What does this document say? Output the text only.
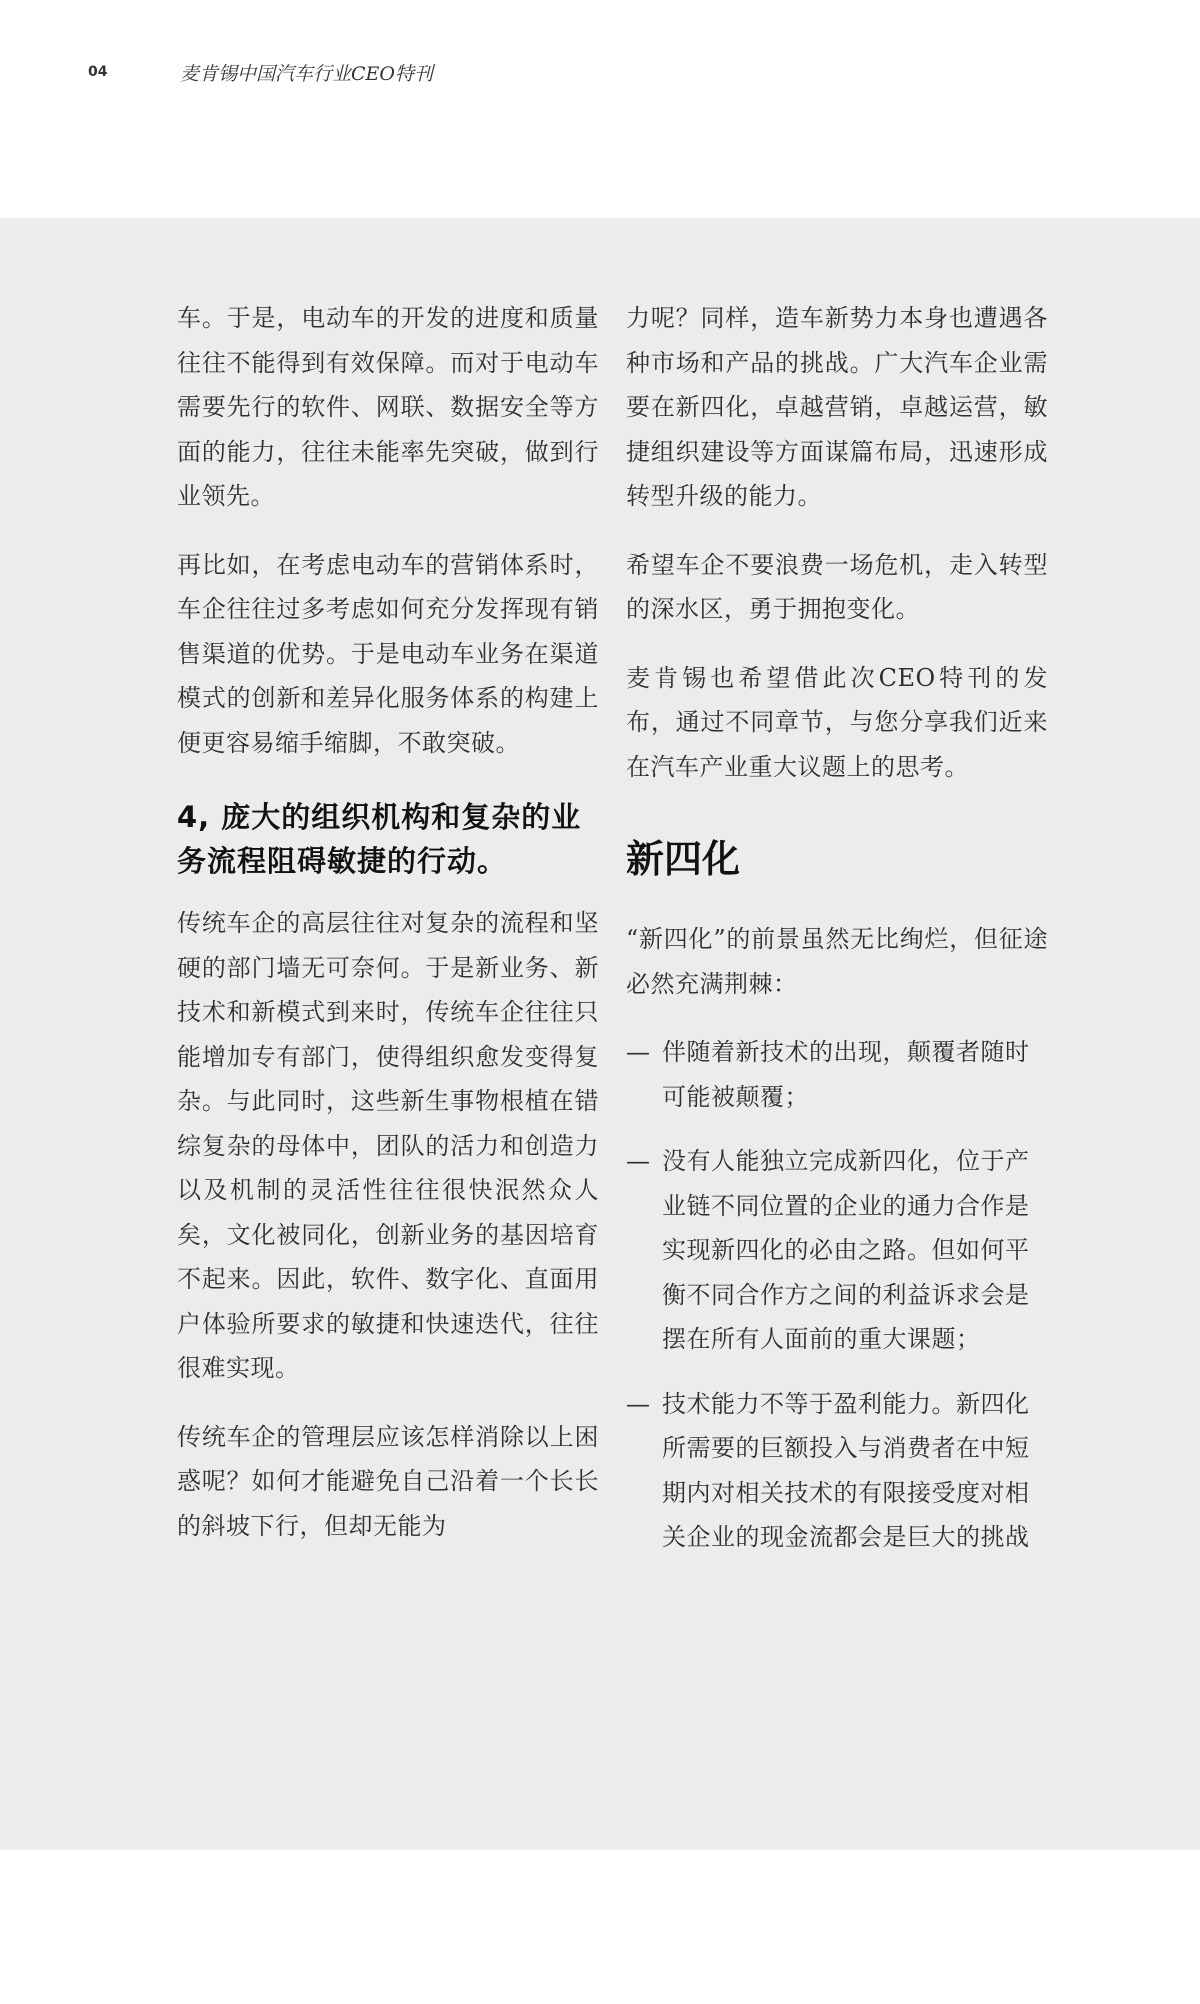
04	麦肯锡中国汽车行业CEO特刊

车。于是，电动车的开发的进度和质量往往不能得到有效保障。而对于电动车需要先行的软件、网联、数据安全等方面的能力，往往未能率先突破，做到行业领先。

再比如，在考虑电动车的营销体系时，车企往往过多考虑如何充分发挥现有销售渠道的优势。于是电动车业务在渠道模式的创新和差异化服务体系的构建上便更容易缩手缩脚，不敢突破。

4, 庞大的组织机构和复杂的业务流程阻碍敏捷的行动。

传统车企的高层往往对复杂的流程和坚硬的部门墙无可奈何。于是新业务、新技术和新模式到来时，传统车企往往只能增加专有部门，使得组织愈发变得复杂。与此同时，这些新生事物根植在错综复杂的母体中，团队的活力和创造力以及机制的灵活性往往很快泯然众人矣，文化被同化，创新业务的基因培育不起来。因此，软件、数字化、直面用户体验所要求的敏捷和快速迭代，往往很难实现。

传统车企的管理层应该怎样消除以上困惑呢？如何才能避免自己沿着一个长长的斜坡下行，但却无能为

力呢？同样，造车新势力本身也遭遇各种市场和产品的挑战。广大汽车企业需要在新四化，卓越营销，卓越运营，敏捷组织建设等方面谋篇布局，迅速形成转型升级的能力。

希望车企不要浪费一场危机，走入转型的深水区，勇于拥抱变化。

麦肯锡也希望借此次CEO特刊的发布，通过不同章节，与您分享我们近来在汽车产业重大议题上的思考。

新四化

“新四化”的前景虽然无比绚烂，但征途必然充满荆棘：

— 伴随着新技术的出现，颠覆者随时可能被颠覆；
— 没有人能独立完成新四化，位于产业链不同位置的企业的通力合作是实现新四化的必由之路。但如何平衡不同合作方之间的利益诉求会是摆在所有人面前的重大课题；
— 技术能力不等于盈利能力。新四化所需要的巨额投入与消费者在中短期内对相关技术的有限接受度对相关企业的现金流都会是巨大的挑战
